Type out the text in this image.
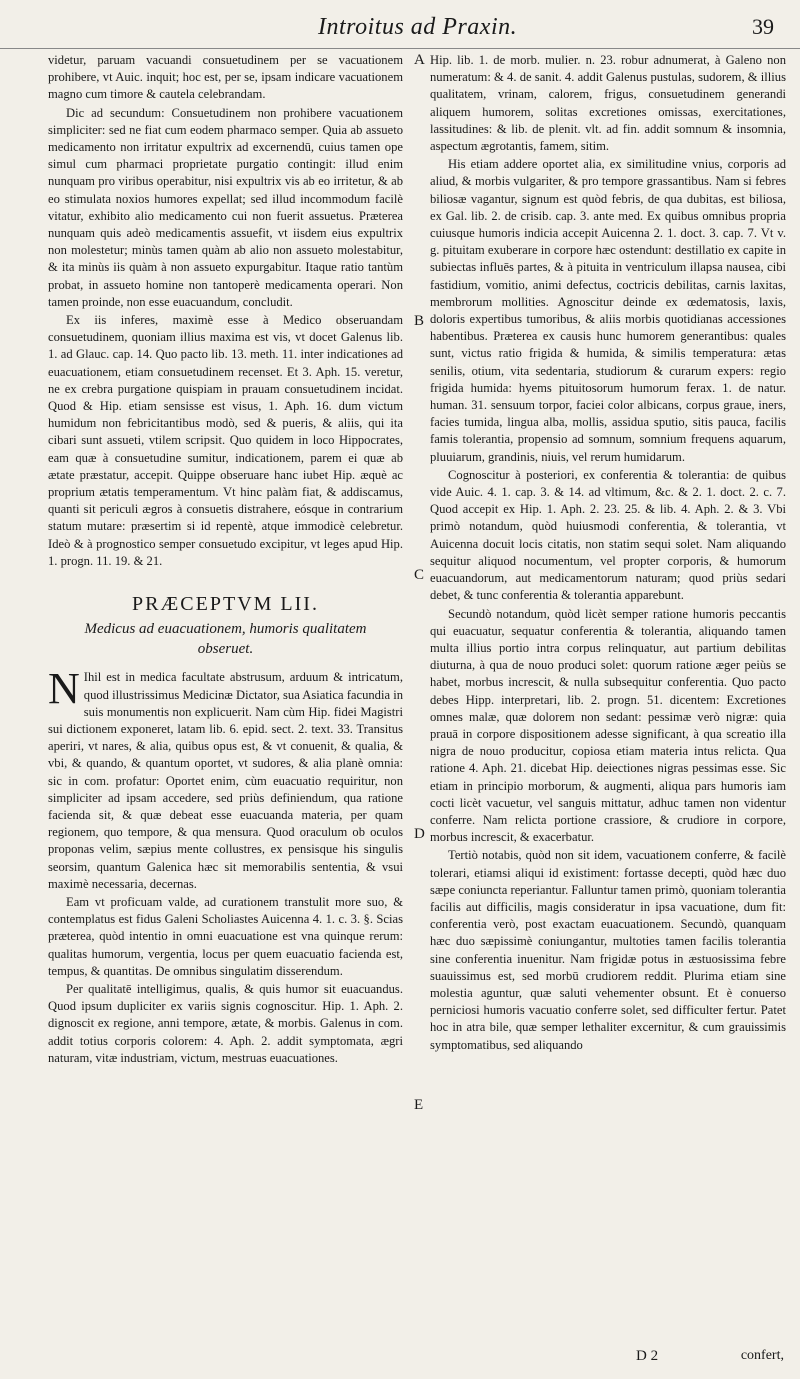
Introitus ad Praxin.	39

videtur, paruam vacuandi consuetudinem per se vacuationem prohibere, vt Auic. inquit; hoc est, per se, ipsam indicare vacuationem magno cum timore & cautela celebrandam.

Dic ad secundum: Consuetudinem non prohibere vacuationem simpliciter: sed ne fiat cum eodem pharmaco semper. Quia ab assueto medicamento non irritatur expultrix ad excernendū, cuius tamen ope simul cum pharmaci proprietate purgatio contingit: illud enim nunquam pro viribus operabitur, nisi expultrix vis ab eo irritetur, & ab eo stimulata noxios humores expellat; sed illud incommodum facilè vitatur, exhibito alio medicamento cui non fuerit assuetus. Præterea nunquam quis adeò medicamentis assuefit, vt iisdem eius expultrix non molestetur; minùs tamen quàm ab alio non assueto molestabitur, & ita minùs iis quàm à non assueto expurgabitur. Itaque ratio tantùm probat, in assueto homine non tantoperè medicamenta operari. Non tamen proinde, non esse euacuandum, concludit.

Ex iis inferes, maximè esse à Medico obseruandam consuetudinem, quoniam illius maxima est vis, vt docet Galenus lib. 1. ad Glauc. cap. 14. Quo pacto lib. 13. meth. 11. inter indicationes ad euacuationem, etiam consuetudinem recenset. Et 3. Aph. 15. veretur, ne ex crebra purgatione quispiam in prauam consuetudinem incidat. Quod & Hip. etiam sensisse est visus, 1. Aph. 16. dum victum humidum non febricitantibus modò, sed & pueris, & aliis, qui ita cibari sunt assueti, vtilem scripsit. Quo quidem in loco Hippocrates, eam quæ à consuetudine sumitur, indicationem, parem ei quæ ab ætate præstatur, accepit. Quippe obseruare hanc iubet Hip. æquè ac proprium ætatis temperamentum. Vt hinc palàm fiat, & addiscamus, quanti sit periculi ægros à consuetis distrahere, eósque in contrarium statum mutare: præsertim si id repentè, atque immodicè celebretur. Ideò & à prognostico semper consuetudo excipitur, vt leges apud Hip. 1. progn. 11. 19. & 21.

PRÆCEPTVM LII.
Medicus ad euacuationem, humoris qualitatem obseruet.

N Ihil est in medica facultate abstrusum, arduum & intricatum, quod illustrissimus Medicinæ Dictator, sua Asiatica facundia in suis monumentis non explicuerit. Nam cùm Hip. fidei Magistri sui dictionem exponeret, latam lib. 6. epid. sect. 2. text. 33. Transitus aperiri, vt nares, & alia, quibus opus est, & vt conuenit, & qualia, & vbi, & quando, & quantum oportet, vt sudores, & alia planè omnia: sic in com. profatur: Oportet enim, cùm euacuatio requiritur, non simpliciter ad ipsam accedere, sed priùs definiendum, qua ratione facienda sit, & quæ debeat esse euacuanda materia, per quam regionem, quo tempore, & qua mensura. Quod oraculum ob oculos proponas velim, sæpius mente collustres, ex pensisque his singulis seorsim, quantum Galenica hæc sit memorabilis sententia, & vsui maximè necessaria, decernas.

Eam vt proficuam valde, ad curationem transtulit more suo, & contemplatus est fidus Galeni Scholiastes Auicenna 4. 1. c. 3. §. Scias præterea, quòd intentio in omni euacuatione est vna quinque rerum: qualitas humorum, vergentia, locus per quem euacuatio facienda est, tempus, & quantitas. De omnibus singulatim disserendum.

Per qualitatē intelligimus, qualis, & quis humor sit euacuandus. Quod ipsum dupliciter ex variis signis cognoscitur. Hip. 1. Aph. 2. dignoscit ex regione, anni tempore, ætate, & morbis. Galenus in com. addit totius corporis colorem: 4. Aph. 2. addit symptomata, ægri naturam, vitæ industriam, victum, mestruas euacuationes.

A
B
C
D
E

Hip. lib. 1. de morb. mulier. n. 23. robur adnumerat, à Galeno non numeratum: & 4. de sanit. 4. addit Galenus pustulas, sudorem, & illius qualitatem, vrinam, calorem, frigus, consuetudinem generandi aliquem humorem, solitas excretiones omissas, exercitationes, lassitudines: & lib. de plenit. vlt. ad fin. addit somnum & insomnia, aspectum ægrotantis, famem, sitim.

His etiam addere oportet alia, ex similitudine vnius, corporis ad aliud, & morbis vulgariter, & pro tempore grassantibus. Nam si febres biliosæ vagantur, signum est quòd febris, de qua dubitas, est biliosa, ex Gal. lib. 2. de crisib. cap. 3. ante med. Ex quibus omnibus propria cuiusque humoris indicia accepit Auicenna 2. 1. doct. 3. cap. 7. Vt v. g. pituitam exuberare in corpore hæc ostendunt: destillatio ex capite in subiectas influēs partes, & à pituita in ventriculum illapsa nausea, cibi fastidium, vomitio, animi defectus, coctricis debilitas, carnis laxitas, membrorum mollities. Agnoscitur deinde ex œdematosis, laxis, doloris expertibus tumoribus, & aliis morbis quotidianas accessiones habentibus. Præterea ex causis hunc humorem generantibus: quales sunt, victus ratio frigida & humida, & similis temperatura: ætas senilis, otium, vita sedentaria, studiorum & curarum expers: regio frigida humida: hyems pituitosorum humorum ferax. 1. de natur. human. 31. sensuum torpor, faciei color albicans, corpus graue, iners, facies tumida, lingua alba, mollis, assidua sputio, sitis pauca, facilis famis tolerantia, propensio ad somnum, somnium frequens aquarum, pluuiarum, grandinis, niuis, vel rerum humidarum.

Cognoscitur à posteriori, ex conferentia & tolerantia: de quibus vide Auic. 4. 1. cap. 3. & 14. ad vltimum, &c. & 2. 1. doct. 2. c. 7. Quod accepit ex Hip. 1. Aph. 2. 23. 25. & lib. 4. Aph. 2. & 3. Vbi primò notandum, quòd huiusmodi conferentia, & tolerantia, vt Auicenna docuit locis citatis, non statim sequi solet. Nam aliquando sequitur aliquod nocumentum, vel propter corporis, & humorum euacuandorum, aut medicamentorum naturam; quod priùs sedari debet, & tunc conferentia & tolerantia apparebunt.

Secundò notandum, quòd licèt semper ratione humoris peccantis qui euacuatur, sequatur conferentia & tolerantia, aliquando tamen multa illius portio intra corpus relinquatur, aut partium debilitas diuturna, à qua de nouo produci solet: quorum ratione æger peiùs se habet, morbus increscit, & nulla subsequitur conferentia. Quo pacto debes Hipp. interpretari, lib. 2. progn. 51. dicentem: Excretiones omnes malæ, quæ dolorem non sedant: pessimæ verò nigræ: quia prauā in corpore dispositionem adesse significant, à qua screatio illa nigra de nouo producitur, copiosa etiam materia intus relicta. Qua ratione 4. Aph. 21. dicebat Hip. deiectiones nigras pessimas esse. Sic etiam in principio morborum, & augmenti, aliqua pars humoris iam cocti licèt vacuetur, vel sanguis mittatur, adhuc tamen non videntur conferre. Nam relicta portione crassiore, & crudiore in corpore, morbus increscit, & exacerbatur.

Tertiò notabis, quòd non sit idem, vacuationem conferre, & facilè tolerari, etiamsi aliqui id existiment: fortasse decepti, quòd hæc duo sæpe coniuncta reperiantur. Falluntur tamen primò, quoniam tolerantia facilis aut difficilis, magis consideratur in ipsa vacuatione, dum fit: conferentia verò, post exactam euacuationem. Secundò, quanquam hæc duo sæpissimè coniungantur, multoties tamen facilis tolerantia sine conferentia inuenitur. Nam frigidæ potus in æstuosissima febre suauissimus est, sed morbū crudiorem reddit. Plurima etiam sine molestia aguntur, quæ saluti vehementer obsunt. Et è conuerso perniciosi humoris vacuatio conferre solet, sed difficulter fertur. Patet hoc in atra bile, quæ semper lethaliter excernitur, & cum grauissimis symptomatibus, sed aliquando

D 2	confert,
